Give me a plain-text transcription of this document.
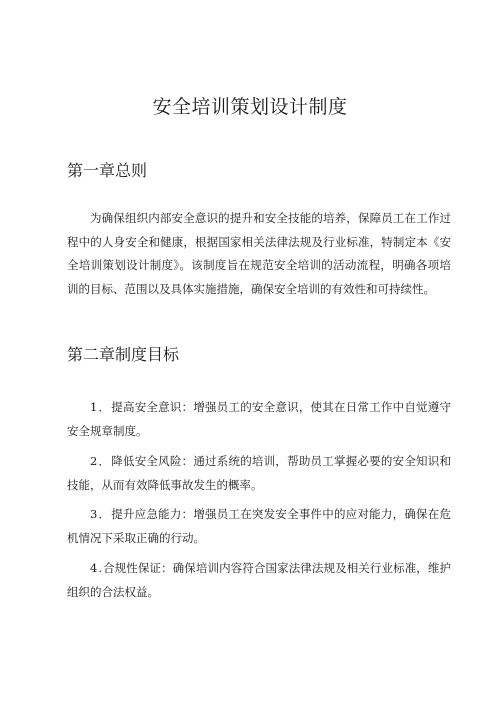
安全培训策划设计制度
第一章总则

为确保组织内部安全意识的提升和安全技能的培养，保障员工在工作过程中的人身安全和健康，根据国家相关法律法规及行业标准，特制定本《安全培训策划设计制度》。该制度旨在规范安全培训的活动流程，明确各项培训的目标、范围以及具体实施措施，确保安全培训的有效性和可持续性。

第二章制度目标

1．提高安全意识：增强员工的安全意识，使其在日常工作中自觉遵守安全规章制度。

2．降低安全风险：通过系统的培训，帮助员工掌握必要的安全知识和技能，从而有效降低事故发生的概率。

3．提升应急能力：增强员工在突发安全事件中的应对能力，确保在危机情况下采取正确的行动。

4.合规性保证：确保培训内容符合国家法律法规及相关行业标准，维护组织的合法权益。
